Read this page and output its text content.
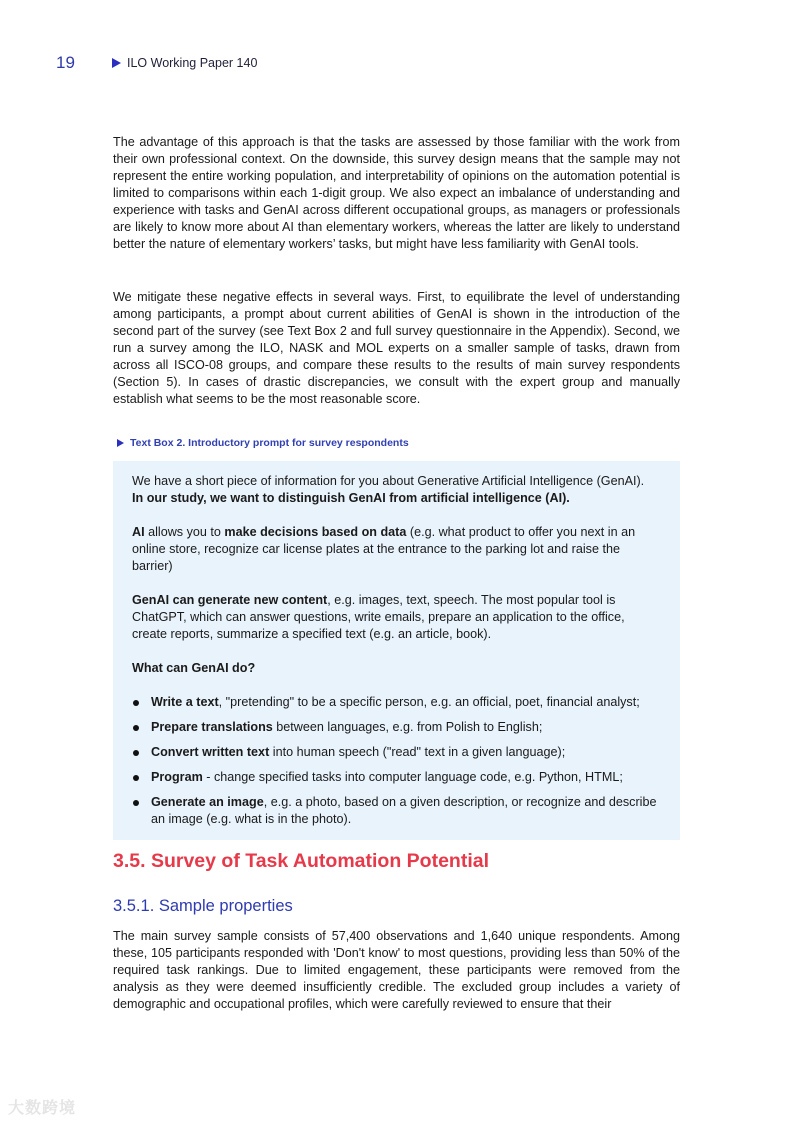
19	ILO Working Paper 140
The advantage of this approach is that the tasks are assessed by those familiar with the work from their own professional context. On the downside, this survey design means that the sample may not represent the entire working population, and interpretability of opinions on the automation potential is limited to comparisons within each 1-digit group. We also expect an imbalance of understanding and experience with tasks and GenAI across different occupational groups, as managers or professionals are likely to know more about AI than elementary workers, whereas the latter are likely to understand better the nature of elementary workers’ tasks, but might have less familiarity with GenAI tools.
We mitigate these negative effects in several ways. First, to equilibrate the level of understanding among participants, a prompt about current abilities of GenAI is shown in the introduction of the second part of the survey (see Text Box 2 and full survey questionnaire in the Appendix). Second, we run a survey among the ILO, NASK and MOL experts on a smaller sample of tasks, drawn from across all ISCO-08 groups, and compare these results to the results of main survey respondents (Section 5). In cases of drastic discrepancies, we consult with the expert group and manually establish what seems to be the most reasonable score.
Text Box 2. Introductory prompt for survey respondents

We have a short piece of information for you about Generative Artificial Intelligence (GenAI).
In our study, we want to distinguish GenAI from artificial intelligence (AI).

AI allows you to make decisions based on data (e.g. what product to offer you next in an online store, recognize car license plates at the entrance to the parking lot and raise the barrier)

GenAI can generate new content, e.g. images, text, speech. The most popular tool is ChatGPT, which can answer questions, write emails, prepare an application to the office, create reports, summarize a specified text (e.g. an article, book).

What can GenAI do?

Write a text, "pretending" to be a specific person, e.g. an official, poet, financial analyst;
Prepare translations between languages, e.g. from Polish to English;
Convert written text into human speech ("read" text in a given language);
Program - change specified tasks into computer language code, e.g. Python, HTML;
Generate an image, e.g. a photo, based on a given description, or recognize and describe an image (e.g. what is in the photo).
3.5. Survey of Task Automation Potential
3.5.1. Sample properties
The main survey sample consists of 57,400 observations and 1,640 unique respondents. Among these, 105 participants responded with 'Don't know' to most questions, providing less than 50% of the required task rankings. Due to limited engagement, these participants were removed from the analysis as they were deemed insufficiently credible. The excluded group includes a variety of demographic and occupational profiles, which were carefully reviewed to ensure that their
大数跨境
